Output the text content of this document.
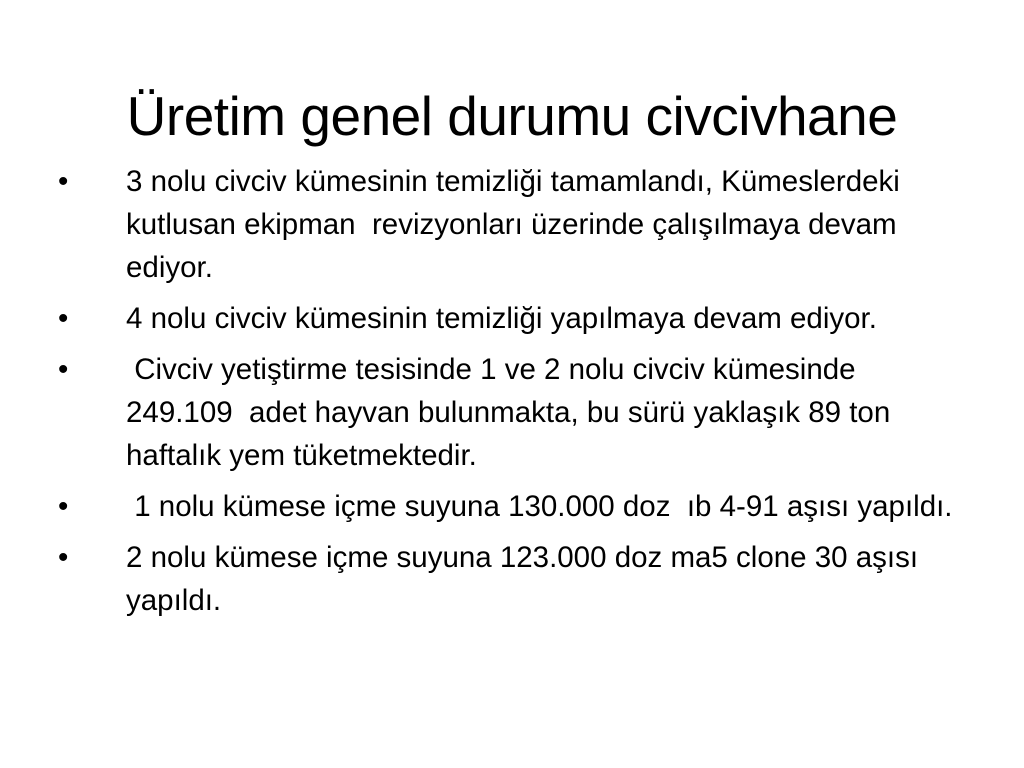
Üretim genel durumu civcivhane
•	3 nolu civciv kümesinin temizliği tamamlandı, Kümeslerdeki kutlusan ekipman  revizyonları üzerinde çalışılmaya devam ediyor.
•	4 nolu civciv kümesinin temizliği yapılmaya devam ediyor.
•	Civciv yetiştirme tesisinde 1 ve 2 nolu civciv kümesinde 249.109  adet hayvan bulunmakta, bu sürü yaklaşık 89 ton haftalık yem tüketmektedir.
•	1 nolu kümese içme suyuna 130.000 doz  ıb 4-91 aşısı yapıldı.
•	2 nolu kümese içme suyuna 123.000 doz ma5 clone 30 aşısı yapıldı.
